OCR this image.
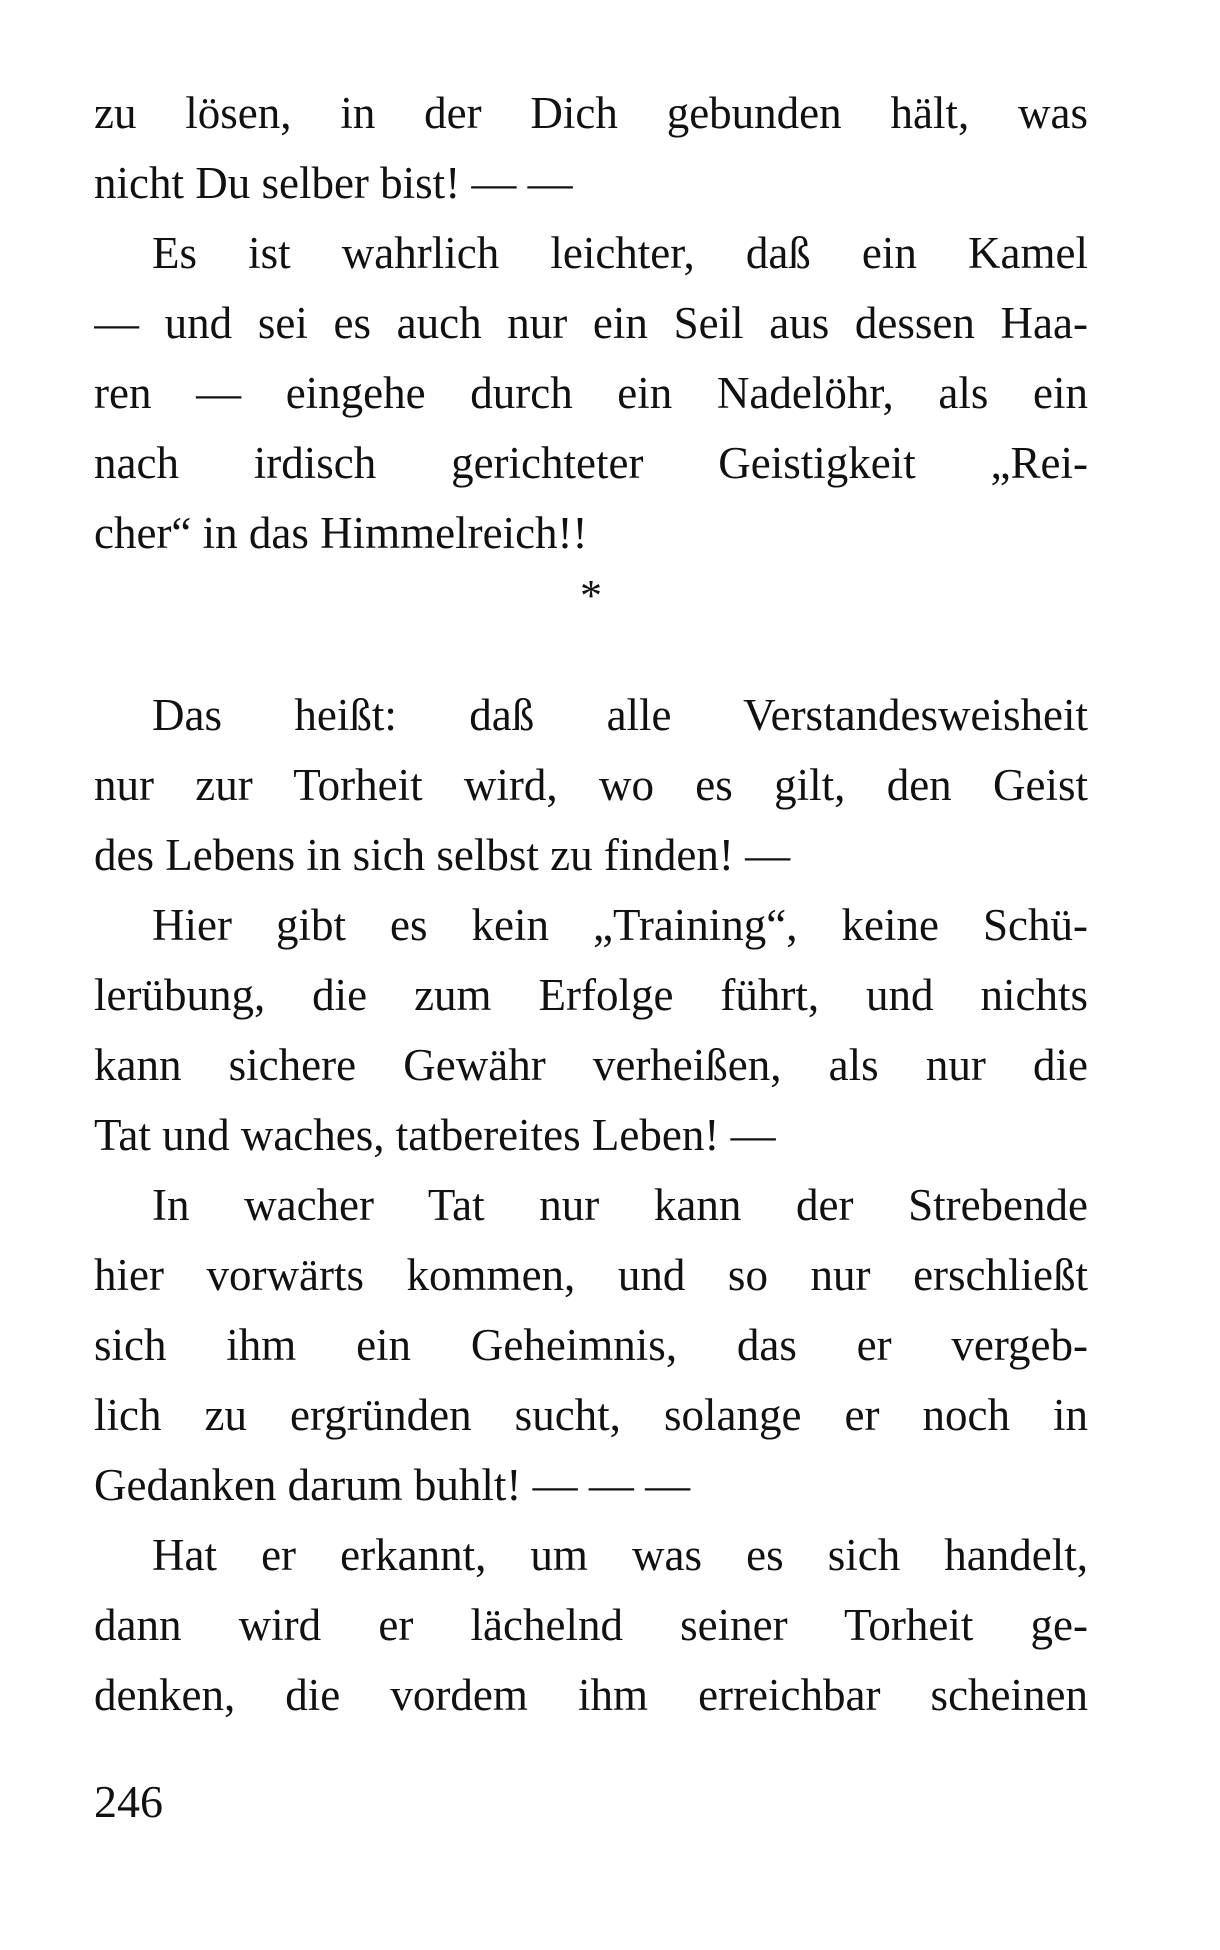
zu lösen, in der Dich gebunden hält, was
nicht Du selber bist! — —
Es ist wahrlich leichter, daß ein Kamel
— und sei es auch nur ein Seil aus dessen Haa-
ren — eingehe durch ein Nadelöhr, als ein
nach irdisch gerichteter Geistigkeit „Rei-
cher“ in das Himmelreich!!
*
Das heißt: daß alle Verstandesweisheit
nur zur Torheit wird, wo es gilt, den Geist
des Lebens in sich selbst zu finden! —
Hier gibt es kein „Training“, keine Schü-
lerübung, die zum Erfolge führt, und nichts
kann sichere Gewähr verheißen, als nur die
Tat und waches, tatbereites Leben! —
In wacher Tat nur kann der Strebende
hier vorwärts kommen, und so nur erschließt
sich ihm ein Geheimnis, das er vergeb-
lich zu ergründen sucht, solange er noch in
Gedanken darum buhlt! — — —
Hat er erkannt, um was es sich handelt,
dann wird er lächelnd seiner Torheit ge-
denken, die vordem ihm erreichbar scheinen
246
